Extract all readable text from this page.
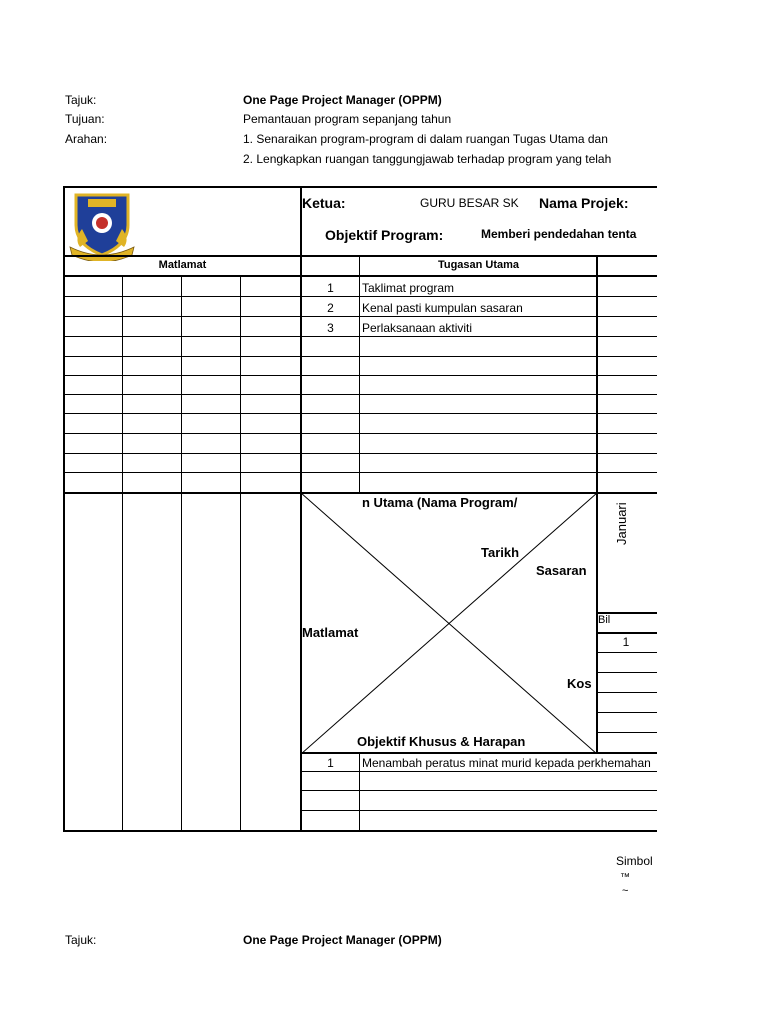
Tajuk:	One Page Project Manager (OPPM)
Tujuan:	Pemantauan program sepanjang tahun
Arahan:	1. Senaraikan program-program di dalam ruangan Tugas Utama dan
2. Lengkapkan ruangan tanggungjawab terhadap program yang telah
Ketua:	GURU BESAR SK Nama Projek:
Objektif Program:	Memberi pendedahan tenta
Matlamat	Tugasan Utama
1	Taklimat program
2	Kenal pasti kumpulan sasaran
3	Perlaksanaan aktiviti
n Utama (Nama Program/
Tarikh
Sasaran
Matlamat
Kos
Objektif Khusus & Harapan
Januari
Bil
1
1	Menambah peratus minat murid kepada perkhemahan
Simbol
™
~
Tajuk:	One Page Project Manager (OPPM)
